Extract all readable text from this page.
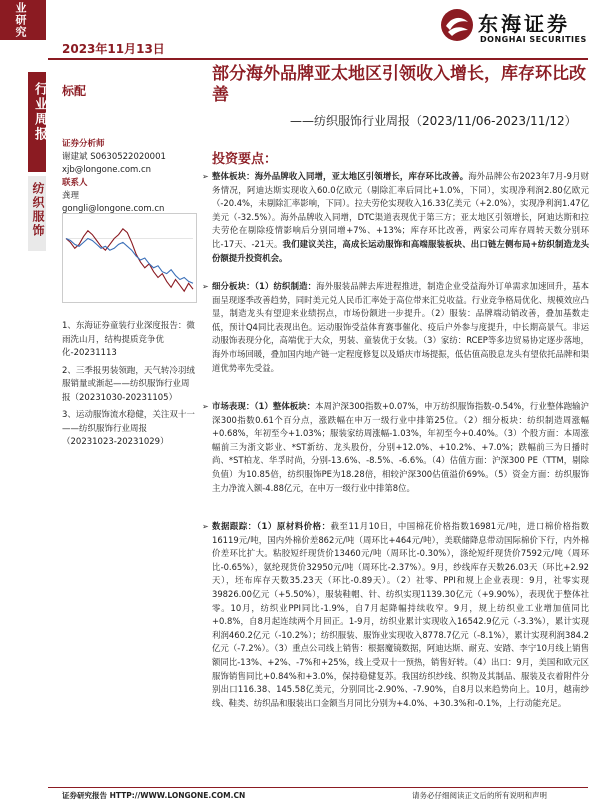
业研究
2023年11月13日
东海证券
DONGHAI SECURITIES
行业周报
纺织服饰
标配
部分海外品牌亚太地区引领收入增长，库存环比改善
——纺织服饰行业周报（2023/11/06-2023/11/12）
证券分析师
谢建斌 S0630522020001
xjb@longone.com.cn
联系人
龚理
gongli@longone.com.cn

1、东海证券童装行业深度报告：微雨洗山月，结构提质竞争优化-20231113

2、三季报男装领跑，天气转冷羽绒服销量或渐起——纺织服饰行业周报（20231030-20231105）

3、运动服饰流水稳健，关注双十一——纺织服饰行业周报（20231023-20231029）

投资要点：
➢ 整体板块：海外品牌收入同增，亚太地区引领增长，库存环比改善。海外品牌公布2023年7月-9月财务情况，阿迪达斯实现收入60.0亿欧元（剔除汇率后同比+1.0%，下同），实现净利润2.80亿欧元（-20.4%，未剔除汇率影响，下同）。拉夫劳伦实现收入16.33亿美元（+2.0%），实现净利润1.47亿美元（-32.5%）。海外品牌收入同增，DTC渠道表现优于第三方；亚太地区引领增长，阿迪达斯和拉夫劳伦在剔除疫情影响后分别同增+7%、+13%；库存环比改善，两家公司库存周转天数分别环比-17天、-21天。我们建议关注，高成长运动服饰和高端服装板块、出口链左侧布局+纺织制造龙头份额提升投资机会。
➢ 细分板块：（1）纺织制造：海外服装品牌去库进程推进，制造企业受益海外订单需求加速回升，基本面呈现逐季改善趋势，同时美元兑人民币汇率处于高位带来汇兑收益。行业竞争格局优化、规模效应凸显，制造龙头有望迎来业绩拐点，市场份额进一步提升。（2）服装：品牌端动销改善，叠加基数走低，预计Q4同比表现出色。运动服饰受益体育赛事催化、疫后户外参与度提升，中长期高景气。非运动服饰表现分化，高端优于大众，男装、童装优于女装。（3）家纺：RCEP等多边贸易协定逐步落地，海外市场回暖，叠加国内地产链一定程度修复以及婚庆市场提振，低估值高股息龙头有望依托品牌和渠道优势率先受益。
➢ 市场表现：（1）整体板块：本周沪深300指数+0.07%，申万纺织服饰指数-0.54%，行业整体跑输沪深300指数0.61个百分点，涨跌幅在申万一级行业中排第25位。（2）细分板块：纺织制造周涨幅+0.68%，年初至今+1.03%；服装家纺周涨幅-1.03%，年初至今+0.40%。（3）个股方面：本周涨幅前三为浙文影业、*ST新纺、龙头股份，分别+12.0%、+10.2%、+7.0%；跌幅前三为日播时尚、*ST柏龙、华孚时尚，分别-13.6%、-8.5%、-6.6%。（4）估值方面：沪深300 PE（TTM，剔除负值）为10.85倍，纺织服饰PE为18.28倍，相较沪深300估值溢价69%。（5）资金方面：纺织服饰主力净流入额-4.88亿元，在申万一级行业中排第8位。
➢ 数据跟踪：（1）原材料价格：截至11月10日，中国棉花价格指数16981元/吨，进口棉价格指数16119元/吨，国内外棉价差862元/吨（周环比+464元/吨），美联储降息带动国际棉价下行，内外棉价差环比扩大。粘胶短纤现货价13460元/吨（周环比-0.30%），涤纶短纤现货价7592元/吨（周环比-0.65%），氨纶现货价32950元/吨（周环比-2.37%）。9月，纱线库存天数26.03天（环比+2.92天），坯布库存天数35.23天（环比-0.89天）。（2）社零、PPI和规上企业表现：9月，社零实现39826.00亿元（+5.50%），服装鞋帽、针、纺织实现1139.30亿元（+9.90%），表现优于整体社零。10月，纺织业PPI同比-1.9%，自7月起降幅持续收窄。9月，规上纺织业工业增加值同比+0.8%，自8月起连续两个月回正。1-9月，纺织业累计实现收入16542.9亿元（-3.3%），累计实现利润460.2亿元（-10.2%）；纺织服装、服饰业实现收入8778.7亿元（-8.1%），累计实现利润384.2亿元（-7.2%）。（3）重点公司线上销售：根据魔镜数据，阿迪达斯、耐克、安踏、李宁10月线上销售额同比-13%、+2%、-7%和+25%，线上受双十一预热，销售好转。（4）出口：9月，美国和欧元区服饰销售同比+0.84%和+3.0%，保持稳健复苏。我国纺织纱线、织物及其制品、服装及衣着附件分别出口116.38、145.58亿美元，分别同比-2.90%、-7.90%，自8月以来趋势向上。10月，越南纱线、鞋类、纺织品和服装出口金额当月同比分别为+4.0%、+30.3%和-0.1%，上行动能充足。
证券研究报告 HTTP://WWW.LONGONE.COM.CN	请务必仔细阅读正文后的所有说明和声明
